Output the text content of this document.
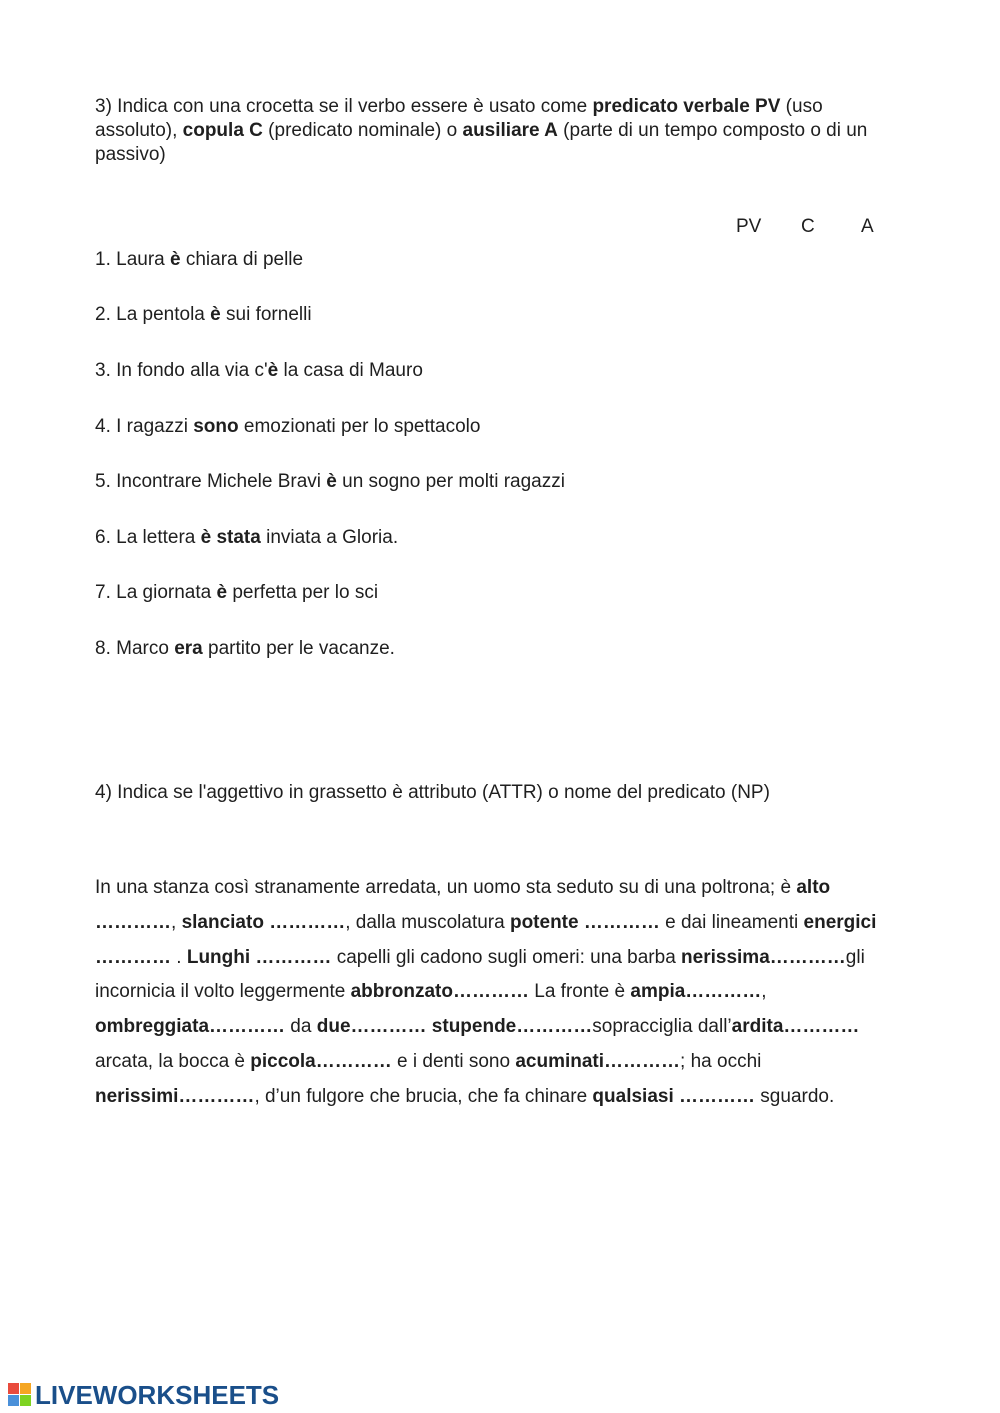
3) Indica con una crocetta se il verbo essere è usato come predicato verbale PV (uso assoluto), copula C (predicato nominale) o ausiliare A (parte di un tempo composto o di un passivo)
PV C A
1. Laura è chiara di pelle
2. La pentola è sui fornelli
3. In fondo alla via c'è la casa di Mauro
4. I ragazzi sono emozionati per lo spettacolo
5. Incontrare Michele Bravi è un sogno per molti ragazzi
6. La lettera è stata inviata a Gloria.
7. La giornata è perfetta per lo sci
8. Marco era partito per le vacanze.
4) Indica se l'aggettivo in grassetto è attributo (ATTR) o nome del predicato (NP)
In una stanza così stranamente arredata, un uomo sta seduto su di una poltrona; è alto …………, slanciato …………, dalla muscolatura potente ………… e dai lineamenti energici ………… . Lunghi ………… capelli gli cadono sugli omeri: una barba nerissima…………gli incornicia il volto leggermente abbronzato………… La fronte è ampia…………, ombreggiata………… da due………… stupende…………sopracciglia dall’ardita…………arcata, la bocca è piccola………… e i denti sono acuminati…………; ha occhi nerissimi…………, d’un fulgore che brucia, che fa chinare qualsiasi ………… sguardo.
LIVEWORKSHEETS
